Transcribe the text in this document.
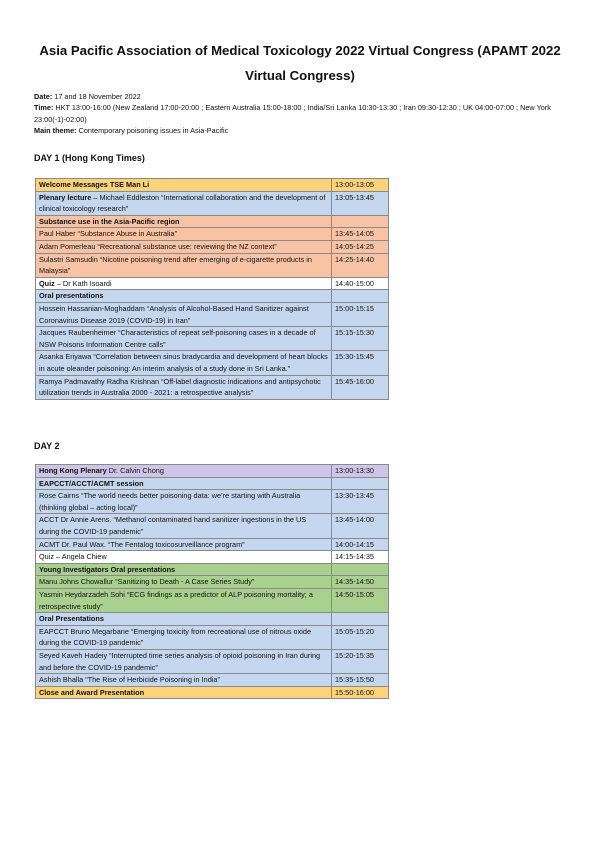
Asia Pacific Association of Medical Toxicology 2022 Virtual Congress (APAMT 2022 Virtual Congress)
Date: 17 and 18 November 2022
Time: HKT 13:00-16:00 (New Zealand 17:00-20:00 ; Eastern Australia 15:00-18:00 ; India/Sri Lanka 10:30-13:30 ; Iran 09:30-12:30 ; UK 04:00-07:00 ; New York 23:00(-1)-02:00)
Main theme: Contemporary poisoning issues in Asia-Pacific
DAY 1 (Hong Kong Times)
Welcome Messages TSE Man Li	13:00-13:05
Plenary lecture – Michael Eddleston “International collaboration and the development of clinical toxicology research”	13:05-13:45
Substance use in the Asia-Pacific region	
Paul Haber “Substance Abuse in Australia”	13:45-14:05
Adam Pomerleau “Recreational substance use: reviewing the NZ context”	14:05-14:25
Sulastri Samsudin “Nicotine poisoning trend after emerging of e-cigarette products in Malaysia”	14:25-14:40
Quiz – Dr Kath Isoardi	14:40-15:00
Oral presentations	
Hossein Hassanian-Moghaddam “Analysis of Alcohol-Based Hand Sanitizer against Coronavirus Disease 2019 (COVID-19) in Iran”	15:00-15:15
Jacques Raubenheimer “Characteristics of repeat self-poisoning cases in a decade of NSW Poisons Information Centre calls”	15:15-15:30
Asanka Eriyawa “Correlation between sinus bradycardia and development of heart blocks in acute oleander poisoning: An interim analysis of a study done in Sri Lanka.”	15:30-15:45
Ramya Padmavathy Radha Krishnan “Off-label diagnostic indications and antipsychotic utilization trends in Australia 2000 - 2021: a retrospective analysis”	15:45-16:00
DAY 2
Hong Kong Plenary Dr. Calvin Chong	13:00-13:30
EAPCCT/ACCT/ACMT session	
Rose Cairns “The world needs better poisoning data: we’re starting with Australia (thinking global – acting local)”	13:30-13:45
ACCT Dr Annie Arens. “Methanol contaminated hand sanitizer ingestions in the US during the COVID-19 pandemic”	13:45-14:00
ACMT Dr. Paul Wax. “The Fentalog toxicosurveillance program”	14:00-14:15
Quiz – Angela Chiew	14:15-14:35
Young Investigators Oral presentations	
Manu Johns Chowallur “Sanitizing to Death - A Case Series Study”	14:35-14:50
Yasmin Heydarzadeh Sohi “ECG findings as a predictor of ALP poisoning mortality; a retrospective study”	14:50-15:05
Oral Presentations	
EAPCCT Bruno Megarbane “Emerging toxicity from recreational use of nitrous oxide during the COVID-19 pandemic”	15:05-15:20
Seyed Kaveh Hadeiy “Interrupted time series analysis of opioid poisoning in Iran during and before the COVID-19 pandemic”	15:20-15:35
Ashish Bhalla “The Rise of Herbicide Poisoning in India”	15:35-15:50
Close and Award Presentation	15:50-16:00
